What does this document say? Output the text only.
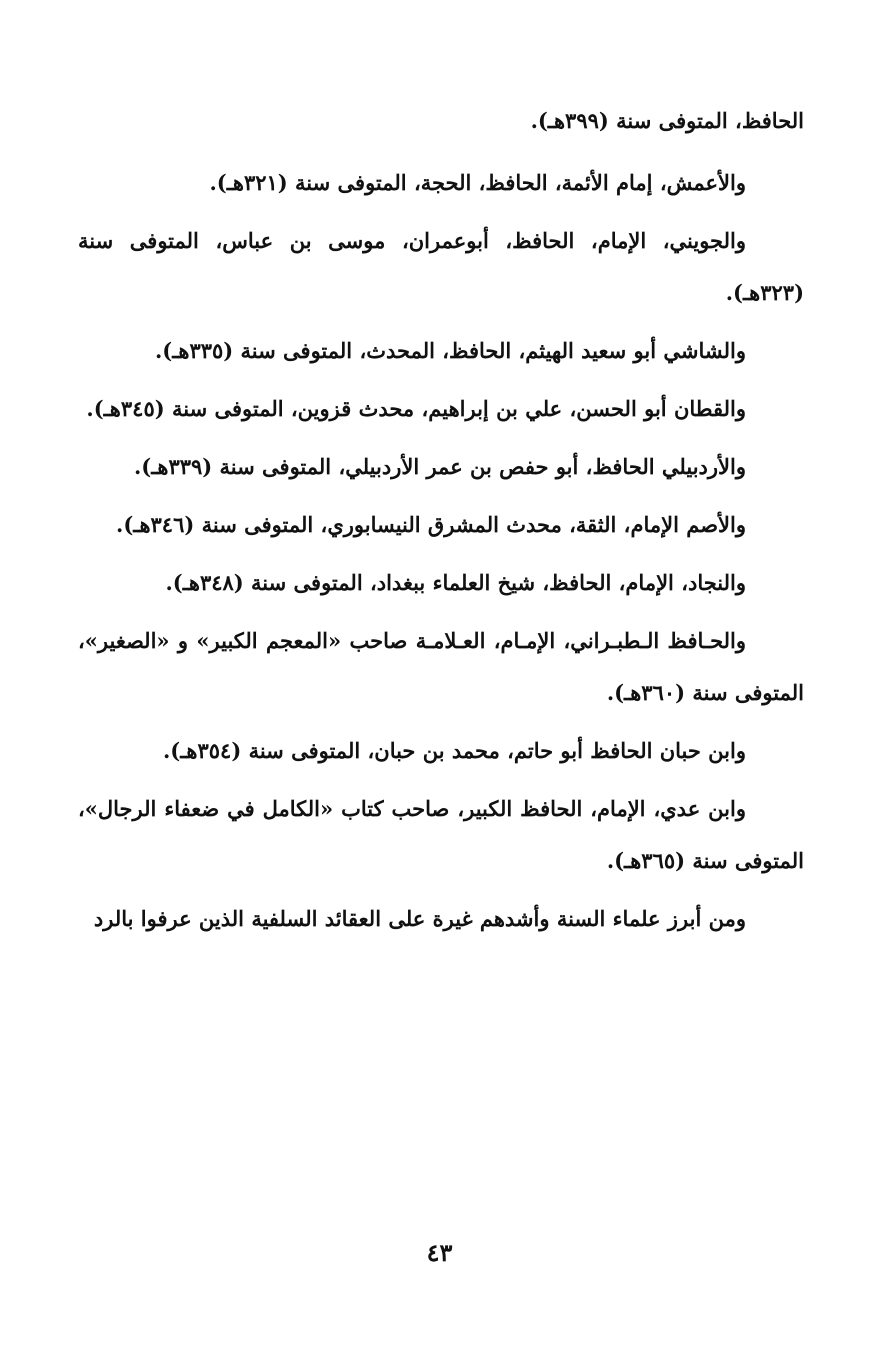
الحافظ، المتوفى سنة (٣٩٩هـ).

والأعمش، إمام الأئمة، الحافظ، الحجة، المتوفى سنة (٣٢١هـ).

والجويني، الإمام، الحافظ، أبوعمران، موسى بن عباس، المتوفى سنة (٣٢٣هـ).

والشاشي أبو سعيد الهيثم، الحافظ، المحدث، المتوفى سنة (٣٣٥هـ).

والقطان أبو الحسن، علي بن إبراهيم، محدث قزوين، المتوفى سنة (٣٤٥هـ).

والأردبيلي الحافظ، أبو حفص بن عمر الأردبيلي، المتوفى سنة (٣٣٩هـ).

والأصم الإمام، الثقة، محدث المشرق النيسابوري، المتوفى سنة (٣٤٦هـ).

والنجاد، الإمام، الحافظ، شيخ العلماء ببغداد، المتوفى سنة (٣٤٨هـ).

والحـافظ الـطبـراني، الإمـام، العـلامـة صاحب «المعجم الكبير» و «الصغير»، المتوفى سنة (٣٦٠هـ).

وابن حبان الحافظ أبو حاتم، محمد بن حبان، المتوفى سنة (٣٥٤هـ).

وابن عدي، الإمام، الحافظ الكبير، صاحب كتاب «الكامل في ضعفاء الرجال»، المتوفى سنة (٣٦٥هـ).

ومن أبرز علماء السنة وأشدهم غيرة على العقائد السلفية الذين عرفوا بالرد

٤٣
